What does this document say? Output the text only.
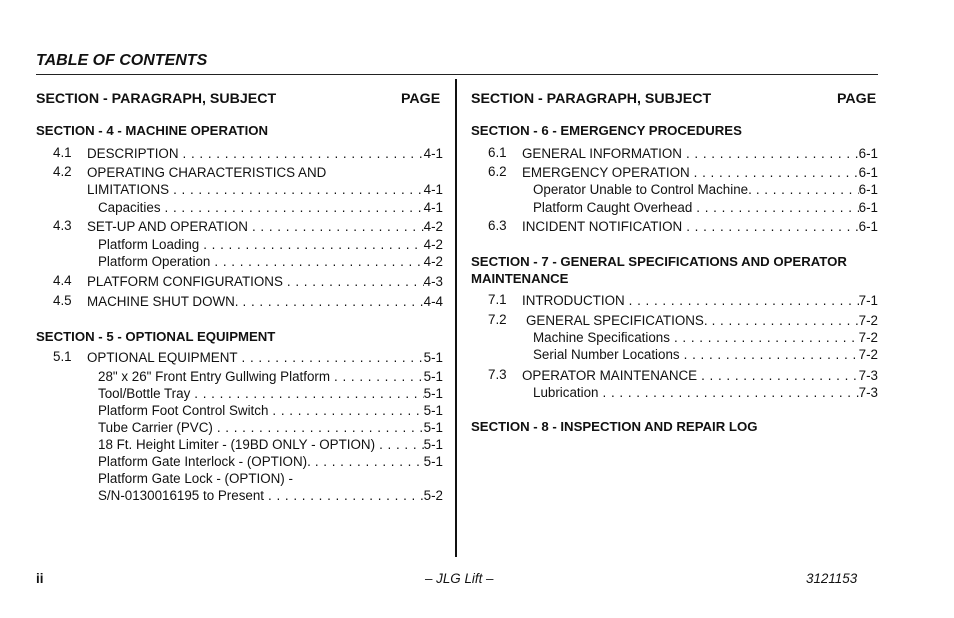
TABLE OF CONTENTS
SECTION - PARAGRAPH, SUBJECT	PAGE
SECTION - 4 - MACHINE OPERATION
4.1 DESCRIPTION . . .	4-1
4.2 OPERATING CHARACTERISTICS AND
LIMITATIONS . . .	4-1
Capacities . . .	4-1
4.3 SET-UP AND OPERATION . . .	4-2
Platform Loading . . .	4-2
Platform Operation . . .	4-2
4.4 PLATFORM CONFIGURATIONS . . .	4-3
4.5 MACHINE SHUT DOWN. . . .	4-4
SECTION - 5 - OPTIONAL EQUIPMENT
5.1 OPTIONAL EQUIPMENT . . .	5-1
28" x 26" Front Entry Gullwing Platform . . .	5-1
Tool/Bottle Tray . . .	5-1
Platform Foot Control Switch . . .	5-1
Tube Carrier (PVC) . . .	5-1
18 Ft. Height Limiter - (19BD ONLY - OPTION) . . .	5-1
Platform Gate Interlock - (OPTION). . . .	5-1
Platform Gate Lock - (OPTION) -
S/N-0130016195 to Present . . .	5-2
SECTION - PARAGRAPH, SUBJECT	PAGE
SECTION - 6 - EMERGENCY PROCEDURES
6.1 GENERAL INFORMATION . . .	6-1
6.2 EMERGENCY OPERATION . . .	6-1
Operator Unable to Control Machine. . . .	6-1
Platform Caught Overhead . . .	6-1
6.3 INCIDENT NOTIFICATION . . .	6-1
SECTION - 7 - GENERAL SPECIFICATIONS AND OPERATOR
MAINTENANCE
7.1 INTRODUCTION . . .	7-1
7.2 GENERAL SPECIFICATIONS. . . .	7-2
Machine Specifications . . .	7-2
Serial Number Locations . . .	7-2
7.3 OPERATOR MAINTENANCE . . .	7-3
Lubrication . . .	7-3
SECTION - 8 - INSPECTION AND REPAIR LOG
ii	– JLG Lift –	3121153
